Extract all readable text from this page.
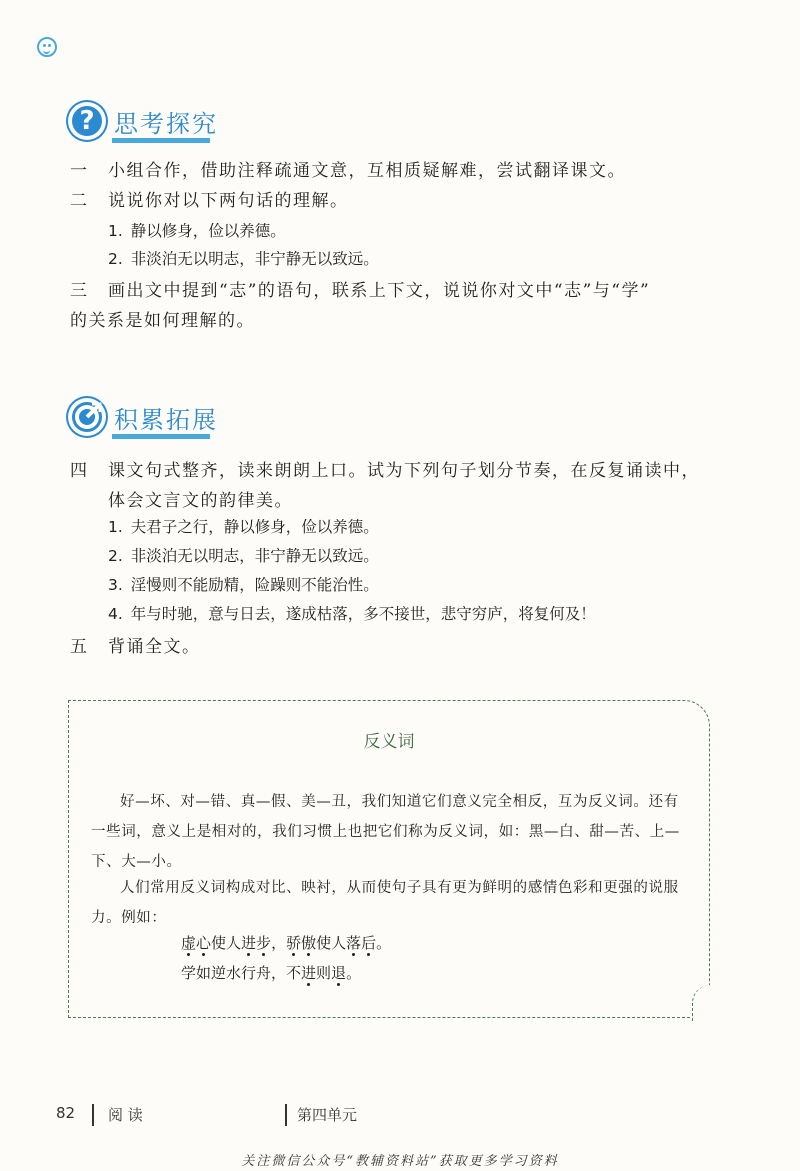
? 思考探究
一 小组合作，借助注释疏通文意，互相质疑解难，尝试翻译课文。
二 说说你对以下两句话的理解。
1. 静以修身，俭以养德。
2. 非淡泊无以明志，非宁静无以致远。
三 画出文中提到“志”的语句，联系上下文，说说你对文中“志”与“学”
的关系是如何理解的。
积累拓展
四 课文句式整齐，读来朗朗上口。试为下列句子划分节奏，在反复诵读中，
体会文言文的韵律美。
1. 夫君子之行，静以修身，俭以养德。
2. 非淡泊无以明志，非宁静无以致远。
3. 淫慢则不能励精，险躁则不能治性。
4. 年与时驰，意与日去，遂成枯落，多不接世，悲守穷庐，将复何及！
五 背诵全文。
反义词
好—坏、对—错、真—假、美—丑，我们知道它们意义完全相反，互为反义词。还有一些词，意义上是相对的，我们习惯上也把它们称为反义词，如：黑—白、甜—苦、上—下、大—小。
人们常用反义词构成对比、映衬，从而使句子具有更为鲜明的感情色彩和更强的说服力。例如：
虚心使人进步，骄傲使人落后。
学如逆水行舟，不进则退。
82 阅 读	第四单元
关注微信公众号“教辅资料站”获取更多学习资料
